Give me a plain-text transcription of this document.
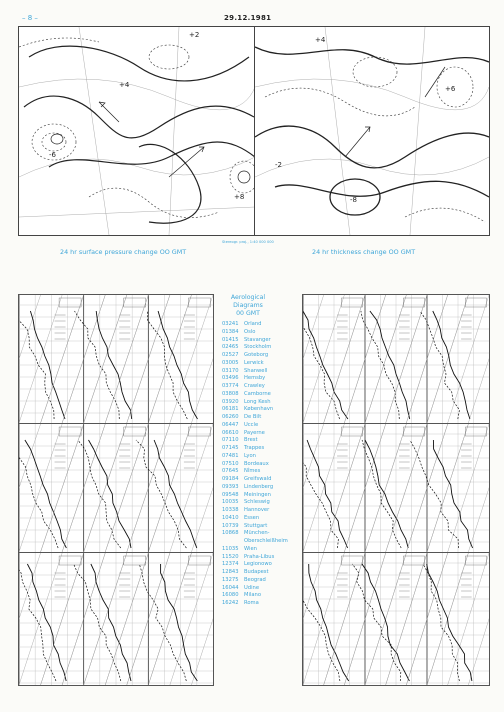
– 8 –	29.12.1981
+2
-6
+8
+4
+4
-8
+6
-2
24 hr surface pressure change OO GMT
Stereogr. proj., 1:40 000 000
24 hr thickness change OO GMT
Aerological
Diagrams
00 GMT
03241	Orland
01384	Oslo
01415	Stavanger
02465	Stockholm
02527	Goteborg
03005	Lerwick
03170	Shanwell
03496	Hemsby
03774	Crawley
03808	Camborne
03920	Long Kesh
06181	København
06260	De Bilt
06447	Uccle
06610	Payerne
07110	Brest
07145	Trappes
07481	Lyon
07510	Bordeaux
07645	Nîmes
09184	Greifswald
09393	Lindenberg
09548	Meiningen
10035	Schleswig
10338	Hannover
10410	Essen
10739	Stuttgart
10868	München-
Oberschleißheim
11035	Wien
11520	Praha-Libus
12374	Legionowo
12843	Budapest
13275	Beograd
16044	Udine
16080	Milano
16242	Roma
